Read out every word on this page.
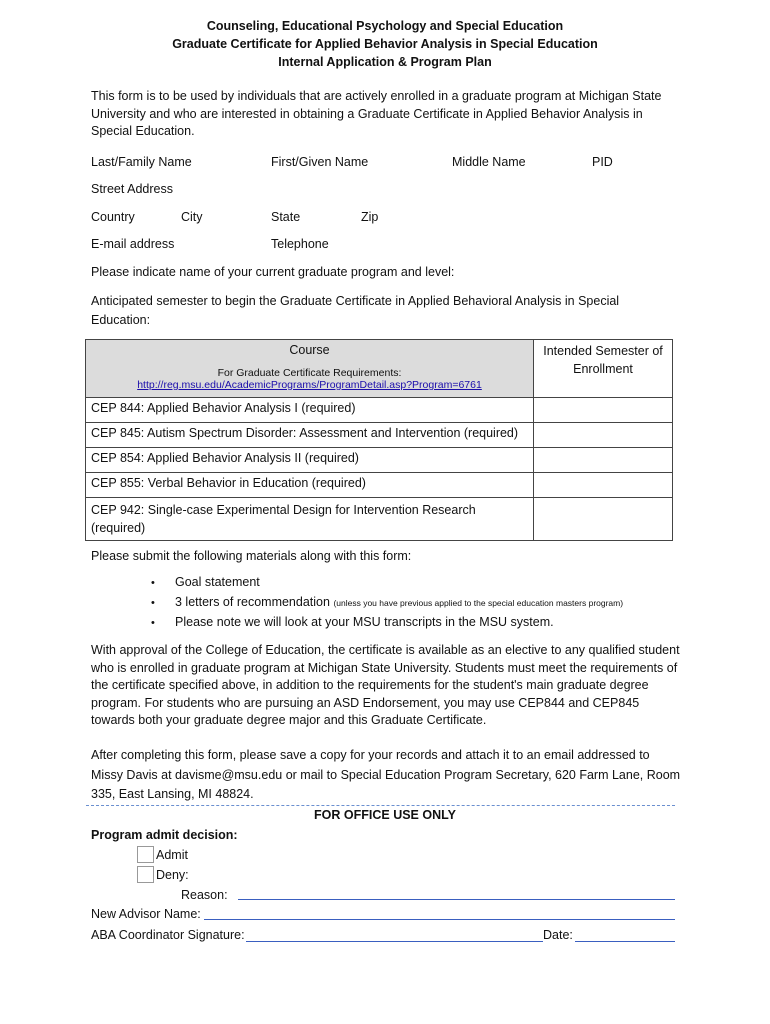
Counseling, Educational Psychology and Special Education
Graduate Certificate for Applied Behavior Analysis in Special Education
Internal Application & Program Plan
This form is to be used by individuals that are actively enrolled in a graduate program at Michigan State University and who are interested in obtaining a Graduate Certificate in Applied Behavior Analysis in Special Education.
Last/Family Name	First/Given Name	Middle Name	PID
Street Address
Country	City	State	Zip
E-mail address	Telephone
Please indicate name of your current graduate program and level:
Anticipated semester to begin the Graduate Certificate in Applied Behavioral Analysis in Special Education:
Course
For Graduate Certificate Requirements:
http://reg.msu.edu/AcademicPrograms/ProgramDetail.asp?Program=6761	Intended Semester of Enrollment
CEP 844: Applied Behavior Analysis I (required)	
CEP 845: Autism Spectrum Disorder: Assessment and Intervention (required)	
CEP 854: Applied Behavior Analysis II (required)	
CEP 855: Verbal Behavior in Education (required)	
CEP 942: Single-case Experimental Design for Intervention Research (required)	
Please submit the following materials along with this form:
• Goal statement
• 3 letters of recommendation (unless you have previous applied to the special education masters program)
• Please note we will look at your MSU transcripts in the MSU system.
With approval of the College of Education, the certificate is available as an elective to any qualified student who is enrolled in graduate program at Michigan State University. Students must meet the requirements of the certificate specified above, in addition to the requirements for the student's main graduate degree program. For students who are pursuing an ASD Endorsement, you may use CEP844 and CEP845 towards both your graduate degree major and this Graduate Certificate.
After completing this form, please save a copy for your records and attach it to an email addressed to Missy Davis at davisme@msu.edu or mail to Special Education Program Secretary, 620 Farm Lane, Room 335, East Lansing, MI 48824.
FOR OFFICE USE ONLY
Program admit decision:
Admit
Deny:
Reason:
New Advisor Name:
ABA Coordinator Signature:	Date:
